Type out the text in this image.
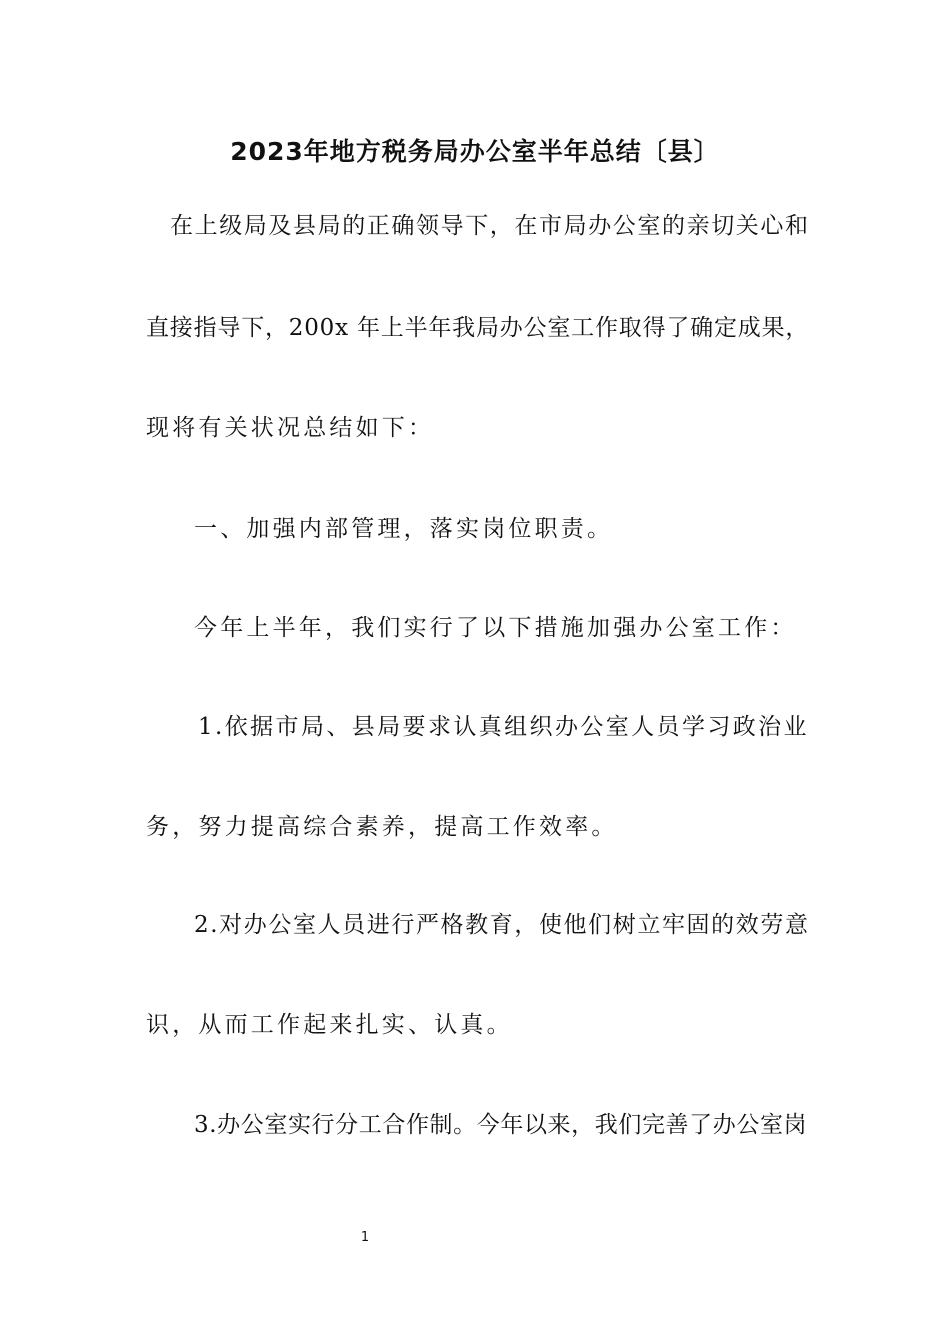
2023年地方税务局办公室半年总结〔县〕
在上级局及县局的正确领导下，在市局办公室的亲切关心和
直接指导下，200x 年上半年我局办公室工作取得了确定成果，
现将有关状况总结如下：
一、加强内部管理，落实岗位职责。
今年上半年，我们实行了以下措施加强办公室工作：
1.依据市局、县局要求认真组织办公室人员学习政治业
务，努力提高综合素养，提高工作效率。
2.对办公室人员进行严格教育，使他们树立牢固的效劳意
识，从而工作起来扎实、认真。
3.办公室实行分工合作制。今年以来，我们完善了办公室岗
1
